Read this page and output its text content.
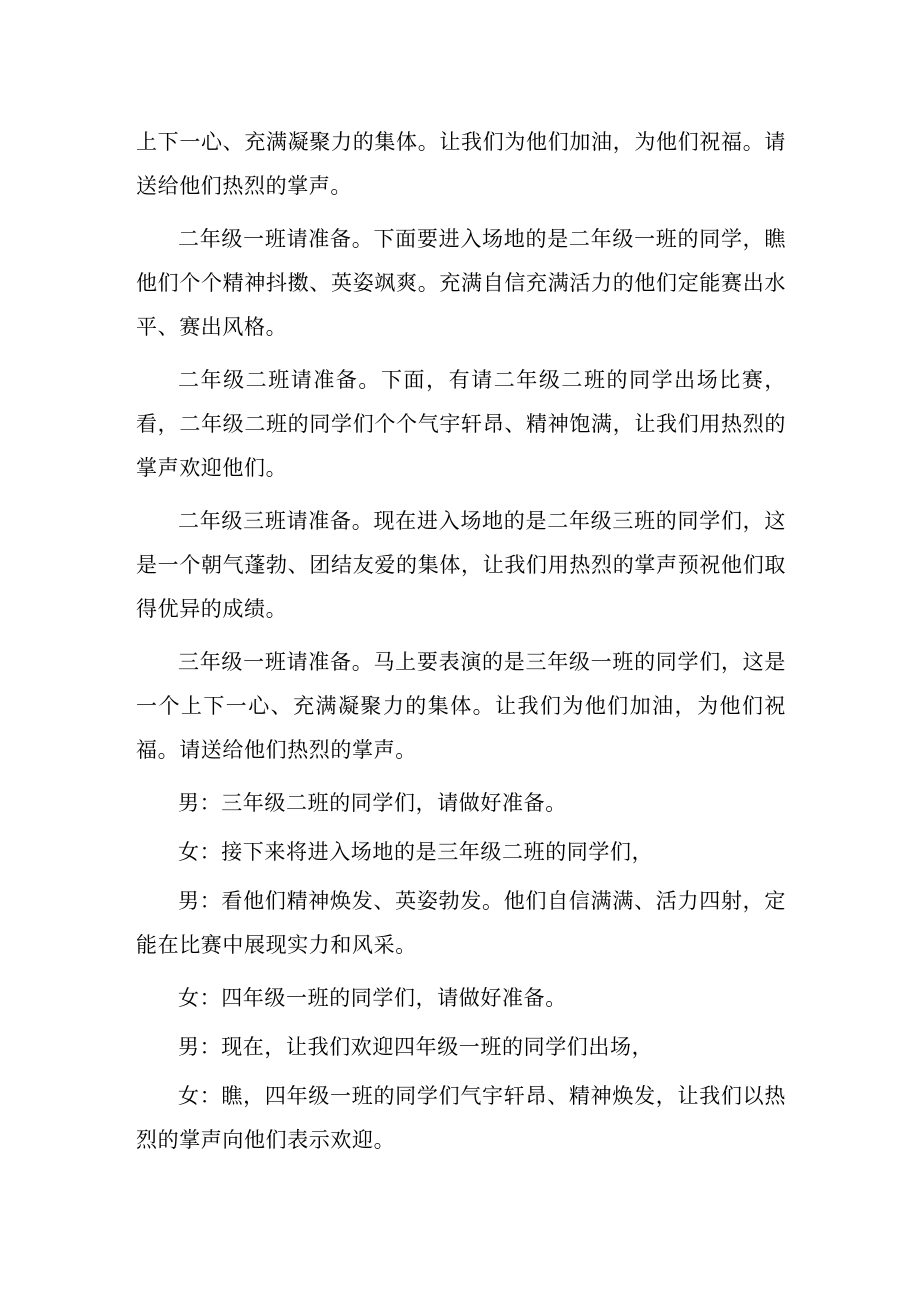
上下一心、充满凝聚力的集体。让我们为他们加油，为他们祝福。请送给他们热烈的掌声。

二年级一班请准备。下面要进入场地的是二年级一班的同学，瞧他们个个精神抖擞、英姿飒爽。充满自信充满活力的他们定能赛出水平、赛出风格。

二年级二班请准备。下面，有请二年级二班的同学出场比赛，看，二年级二班的同学们个个气宇轩昂、精神饱满，让我们用热烈的掌声欢迎他们。

二年级三班请准备。现在进入场地的是二年级三班的同学们，这是一个朝气蓬勃、团结友爱的集体，让我们用热烈的掌声预祝他们取得优异的成绩。

三年级一班请准备。马上要表演的是三年级一班的同学们，这是一个上下一心、充满凝聚力的集体。让我们为他们加油，为他们祝福。请送给他们热烈的掌声。

男：三年级二班的同学们，请做好准备。

女：接下来将进入场地的是三年级二班的同学们，

男：看他们精神焕发、英姿勃发。他们自信满满、活力四射，定能在比赛中展现实力和风采。

女：四年级一班的同学们，请做好准备。

男：现在，让我们欢迎四年级一班的同学们出场，

女：瞧，四年级一班的同学们气宇轩昂、精神焕发，让我们以热烈的掌声向他们表示欢迎。
